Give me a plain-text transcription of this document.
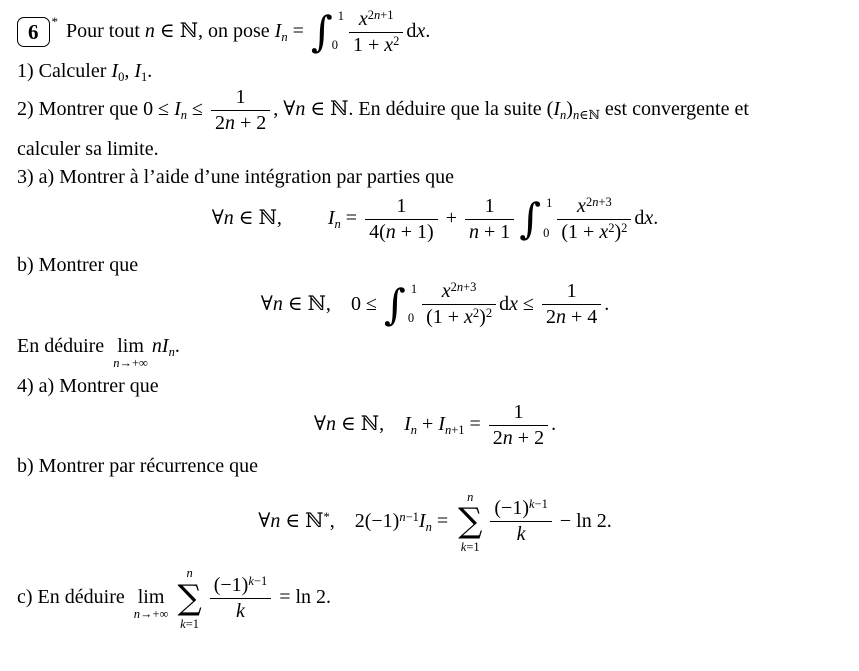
6 * Pour tout n ∈ ℕ, on pose $I_n$ = ∫ 1
$0 \frac{x^{2n+1}}{1 + x^2}$ dx.
1) Calculer $I_0$, $I_1$.
2) Montrer que $0 \le I_n \le \frac{1}{2n + 2}$ , ∀n ∈ ℕ. En déduire que la suite $(I_n)_{n\in ℕ}$ est convergente et
calculer sa limite.
3) a) Montrer à l’aide d’une intégration par parties que
∀n ∈ ℕ, $I_n = \frac{1}{4(n + 1)} + \frac{1}{n + 1}$ ∫ 1
$0 \frac{x^{2n+3}}{(1 + x^2)^2}$ dx.
b) Montrer que
∀n ∈ ℕ, 0 ≤ ∫ 1
$0 \frac{x^{2n+3}}{(1 + x^2)^2}$ dx ≤ $\frac{1}{2n + 4}$ .
En déduire lim
n→+∞
$nI_n$.
4) a) Montrer que
∀n ∈ ℕ, $I_n + I_{n+1} = \frac{1}{2n + 2}$ .
b) Montrer par récurrence que
∀n ∈ ℕ*, $2(-1)^{n-1}I_n$ =
n
∑
k=1
$\frac{(-1)^{k-1}}{k} - \ln 2$.
c) En déduire lim
n→+∞
n
∑
k=1
$\frac{(-1)^{k-1}}{k} = \ln 2$.
